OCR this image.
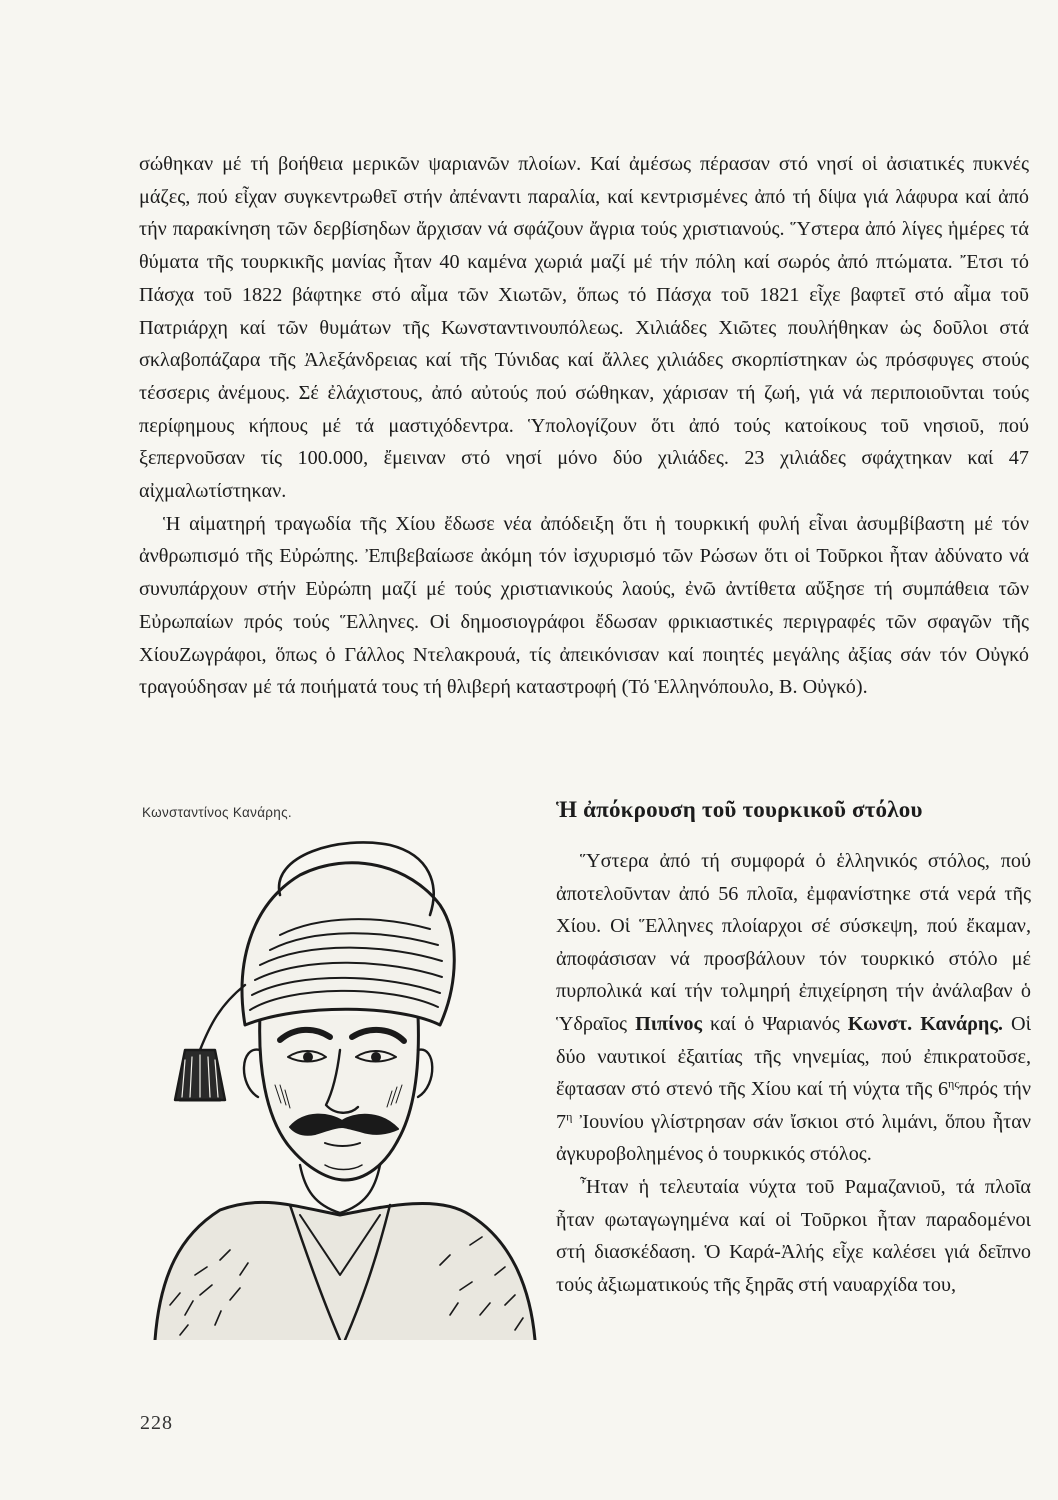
σώθηκαν μέ τή βοήθεια μερικῶν ψαριανῶν πλοίων. Καί ἀμέσως πέρασαν στό νησί οἱ ἀσιατικές πυκνές μάζες, πού εἶχαν συγκεντρωθεῖ στήν ἀπέναντι παραλία, καί κεντρισμένες ἀπό τή δίψα γιά λάφυρα καί ἀπό τήν παρακίνηση τῶν δερβίσηδων ἄρχισαν νά σφάζουν ἄγρια τούς χριστιανούς. Ὕστερα ἀπό λίγες ἡμέρες τά θύματα τῆς τουρκικῆς μανίας ἦταν 40 καμένα χωριά μαζί μέ τήν πόλη καί σωρός ἀπό πτώματα. Ἔτσι τό Πάσχα τοῦ 1822 βάφτηκε στό αἷμα τῶν Χιωτῶν, ὅπως τό Πάσχα τοῦ 1821 εἶχε βαφτεῖ στό αἷμα τοῦ Πατριάρχη καί τῶν θυμάτων τῆς Κωνσταντινουπόλεως. Χιλιάδες Χιῶτες πουλήθηκαν ὡς δοῦλοι στά σκλαβοπάζαρα τῆς Ἀλεξάνδρειας καί τῆς Τύνιδας καί ἄλλες χιλιάδες σκορπίστηκαν ὡς πρόσφυγες στούς τέσσερις ἀνέμους. Σέ ἐλάχιστους, ἀπό αὐτούς πού σώθηκαν, χάρισαν τή ζωή, γιά νά περιποιοῦνται τούς περίφημους κήπους μέ τά μαστιχόδεντρα. Ὑπολογίζουν ὅτι ἀπό τούς κατοίκους τοῦ νησιοῦ, πού ξεπερνοῦσαν τίς 100.000, ἔμειναν στό νησί μόνο δύο χιλιάδες. 23 χιλιάδες σφάχτηκαν καί 47 αἰχμαλωτίστηκαν.

Ἡ αἱματηρή τραγωδία τῆς Χίου ἔδωσε νέα ἀπόδειξη ὅτι ἡ τουρκική φυλή εἶναι ἀσυμβίβαστη μέ τόν ἀνθρωπισμό τῆς Εὐρώπης. Ἐπιβεβαίωσε ἀκόμη τόν ἰσχυρισμό τῶν Ρώσων ὅτι οἱ Τοῦρκοι ἦταν ἀδύνατο νά συνυπάρχουν στήν Εὐρώπη μαζί μέ τούς χριστιανικούς λαούς, ἐνῶ ἀντίθετα αὔξησε τή συμπάθεια τῶν Εὐρωπαίων πρός τούς Ἕλληνες. Οἱ δημοσιογράφοι ἔδωσαν φρικιαστικές περιγραφές τῶν σφαγῶν τῆς ΧίουΖωγράφοι, ὅπως ὁ Γάλλος Ντελακρουά, τίς ἀπεικόνισαν καί ποιητές μεγάλης ἀξίας σάν τόν Οὐγκό τραγούδησαν μέ τά ποιήματά τους τή θλιβερή καταστροφή (Τό Ἑλληνόπουλο, Β. Οὐγκό).

Κωνσταντίνος Κανάρης.	Ἡ ἀπόκρουση τοῦ τουρκικοῦ στόλου

Ὕστερα ἀπό τή συμφορά ὁ ἑλληνικός στόλος, πού ἀποτελοῦνταν ἀπό 56 πλοῖα, ἐμφανίστηκε στά νερά τῆς Χίου. Οἱ Ἕλληνες πλοίαρχοι σέ σύσκεψη, πού ἔκαμαν, ἀποφάσισαν νά προσβάλουν τόν τουρκικό στόλο μέ πυρπολικά καί τήν τολμηρή ἐπιχείρηση τήν ἀνάλαβαν ὁ Ὑδραῖος Πιπίνος καί ὁ Ψαριανός Κωνστ. Κανάρης. Οἱ δύο ναυτικοί ἐξαιτίας τῆς νηνεμίας, πού ἐπικρατοῦσε, ἔφτασαν στό στενό τῆς Χίου καί τή νύχτα τῆς $6^{\eta\varsigma}\pi\rho ό\varsigma$ τήν $7^\eta$ Ἰουνίου γλίστρησαν σάν ἴσκιοι στό λιμάνι, ὅπου ἦταν ἀγκυροβολημένος ὁ τουρκικός στόλος.

Ἦταν ἡ τελευταία νύχτα τοῦ Ραμαζανιοῦ, τά πλοῖα ἦταν φωταγωγημένα καί οἱ Τοῦρκοι ἦταν παραδομένοι στή διασκέδαση. Ὁ Καρά-Ἀλής εἶχε καλέσει γιά δεῖπνο τούς ἀξιωματικούς τῆς ξηρᾶς στή ναυαρχίδα του,

228
